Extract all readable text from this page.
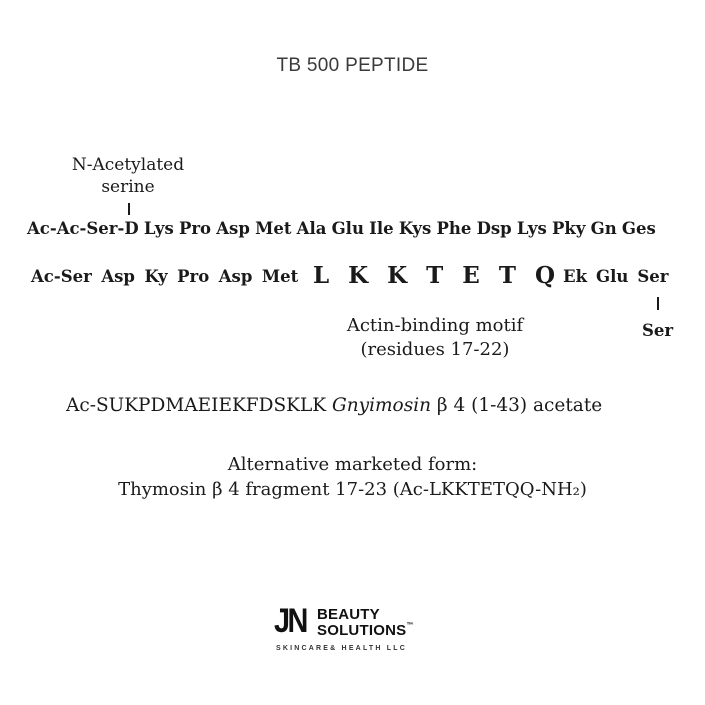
TB 500 PEPTIDE
N-Acetylated
serine
Ac-Ac-Ser-D Lys Pro Asp Met Ala Glu Ile Kys Phe Dsp Lys Pky Gn Ges
Ac-Ser Asp Ky Pro Asp Met L K K T E T Q Ek Glu Ser
Ser
Actin-binding motif
(residues 17-22)
Ac-SUKPDMAEIEKFDSKLK Gnyimosin β 4 (1-43) acetate
Alternative marketed form:
Thymosin β 4 fragment 17-23 (Ac-LKKTETQQ-NH₂)
JN BEAUTY
SOLUTIONS™
SKINCARE& HEALTH LLC
